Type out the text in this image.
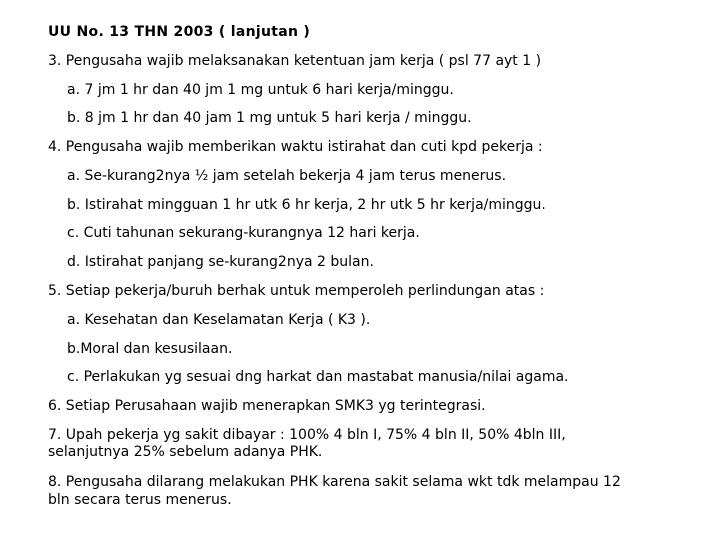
UU No. 13 THN 2003 ( lanjutan )
3. Pengusaha wajib melaksanakan ketentuan jam kerja ( psl 77 ayt 1 )
a. 7 jm 1 hr dan 40 jm 1 mg untuk 6 hari kerja/minggu.
b. 8 jm 1 hr dan 40 jam 1 mg untuk 5 hari kerja / minggu.
4. Pengusaha wajib memberikan waktu istirahat dan cuti kpd pekerja :
a. Se-kurang2nya ½ jam setelah bekerja 4 jam terus menerus.
b. Istirahat mingguan 1 hr utk 6 hr kerja, 2 hr utk 5 hr kerja/minggu.
c. Cuti tahunan sekurang-kurangnya 12 hari kerja.
d. Istirahat panjang se-kurang2nya 2 bulan.
5. Setiap pekerja/buruh berhak untuk memperoleh perlindungan atas :
a. Kesehatan dan Keselamatan Kerja ( K3 ).
b.Moral dan kesusilaan.
c. Perlakukan yg sesuai dng harkat dan mastabat manusia/nilai agama.
6. Setiap Perusahaan wajib menerapkan SMK3 yg terintegrasi.
7. Upah pekerja yg sakit dibayar : 100% 4 bln I, 75% 4 bln II, 50% 4bln III,
selanjutnya 25% sebelum adanya PHK.
8. Pengusaha dilarang melakukan PHK karena sakit selama wkt tdk melampau 12
bln secara terus menerus.
